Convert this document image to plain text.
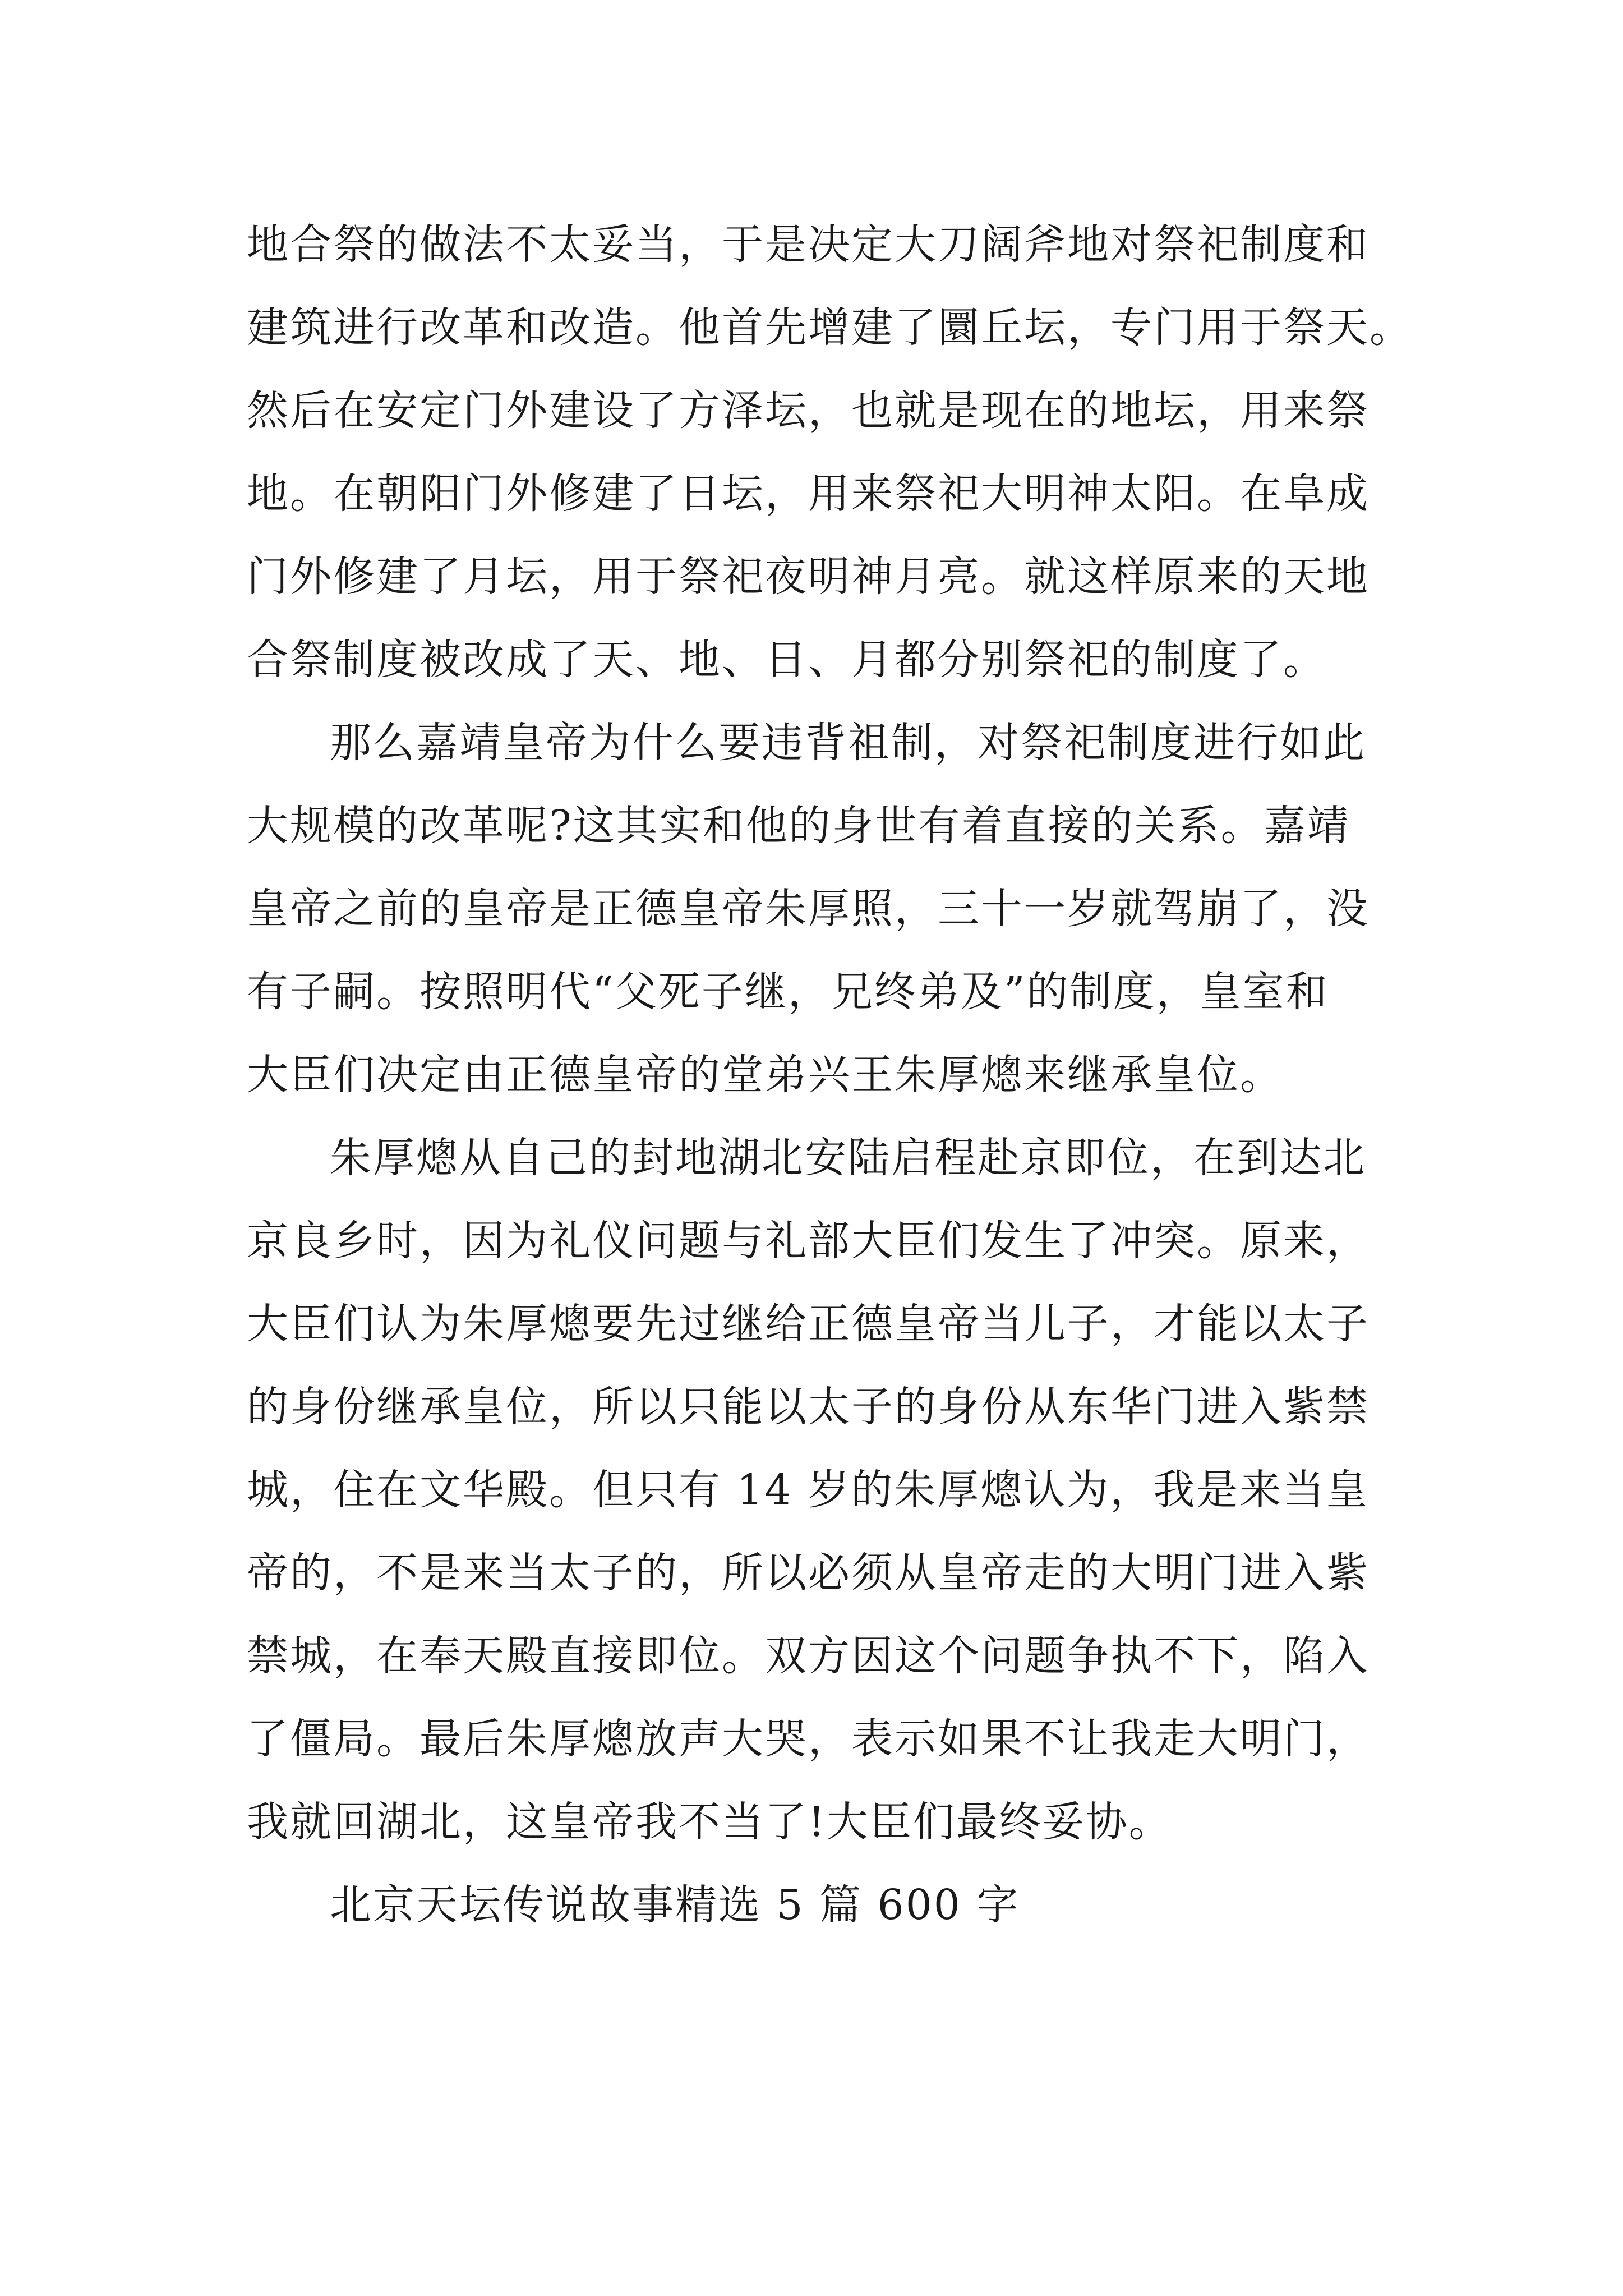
地合祭的做法不太妥当，于是决定大刀阔斧地对祭祀制度和
建筑进行改革和改造。他首先增建了圜丘坛，专门用于祭天。
然后在安定门外建设了方泽坛，也就是现在的地坛，用来祭
地。在朝阳门外修建了日坛，用来祭祀大明神太阳。在阜成
门外修建了月坛，用于祭祀夜明神月亮。就这样原来的天地
合祭制度被改成了天、地、日、月都分别祭祀的制度了。
那么嘉靖皇帝为什么要违背祖制，对祭祀制度进行如此
大规模的改革呢?这其实和他的身世有着直接的关系。嘉靖
皇帝之前的皇帝是正德皇帝朱厚照，三十一岁就驾崩了，没
有子嗣。按照明代“父死子继，兄终弟及”的制度，皇室和
大臣们决定由正德皇帝的堂弟兴王朱厚熜来继承皇位。
朱厚熜从自己的封地湖北安陆启程赴京即位，在到达北
京良乡时，因为礼仪问题与礼部大臣们发生了冲突。原来，
大臣们认为朱厚熜要先过继给正德皇帝当儿子，才能以太子
的身份继承皇位，所以只能以太子的身份从东华门进入紫禁
城，住在文华殿。但只有 14 岁的朱厚熜认为，我是来当皇
帝的，不是来当太子的，所以必须从皇帝走的大明门进入紫
禁城，在奉天殿直接即位。双方因这个问题争执不下，陷入
了僵局。最后朱厚熜放声大哭，表示如果不让我走大明门，
我就回湖北，这皇帝我不当了!大臣们最终妥协。
北京天坛传说故事精选 5 篇 600 字
